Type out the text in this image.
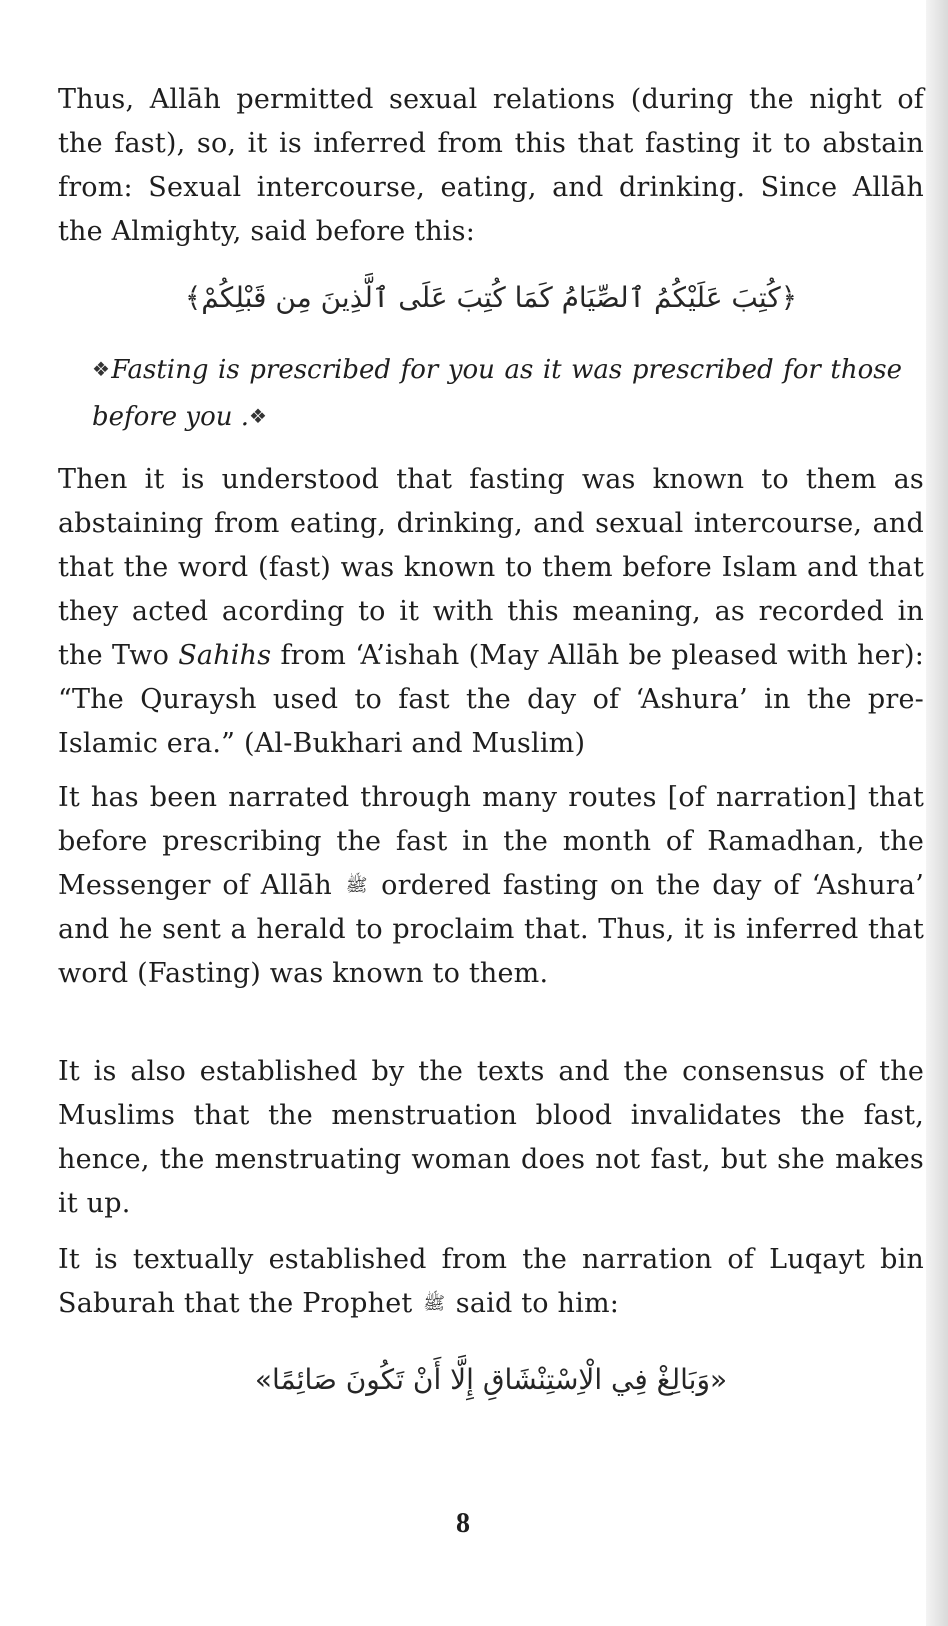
Thus, Allāh permitted sexual relations (during the night of the fast), so, it is inferred from this that fasting it to abstain from: Sexual intercourse, eating, and drinking. Since Allāh the Almighty, said before this:

﴿كُتِبَ عَلَيْكُمُ ٱلصِّيَامُ كَمَا كُتِبَ عَلَى ٱلَّذِينَ مِن قَبْلِكُمْ﴾

❖Fasting is prescribed for you as it was prescribed for those before you .❖

Then it is understood that fasting was known to them as abstaining from eating, drinking, and sexual intercourse, and that the word (fast) was known to them before Islam and that they acted acording to it with this meaning, as recorded in the Two Sahihs from ‘A’ishah (May Allāh be pleased with her): “The Quraysh used to fast the day of ‘Ashura’ in the pre-Islamic era.” (Al-Bukhari and Muslim)

It has been narrated through many routes [of narration] that before prescribing the fast in the month of Ramadhan, the Messenger of Allāh ﷺ ordered fasting on the day of ‘Ashura’ and he sent a herald to proclaim that. Thus, it is inferred that word (Fasting) was known to them.

It is also established by the texts and the consensus of the Muslims that the menstruation blood invalidates the fast, hence, the menstruating woman does not fast, but she makes it up.

It is textually established from the narration of Luqayt bin Saburah that the Prophet ﷺ said to him:

«وَبَالِغْ فِي الْاِسْتِنْشَاقِ إِلَّا أَنْ تَكُونَ صَائِمًا»
8
